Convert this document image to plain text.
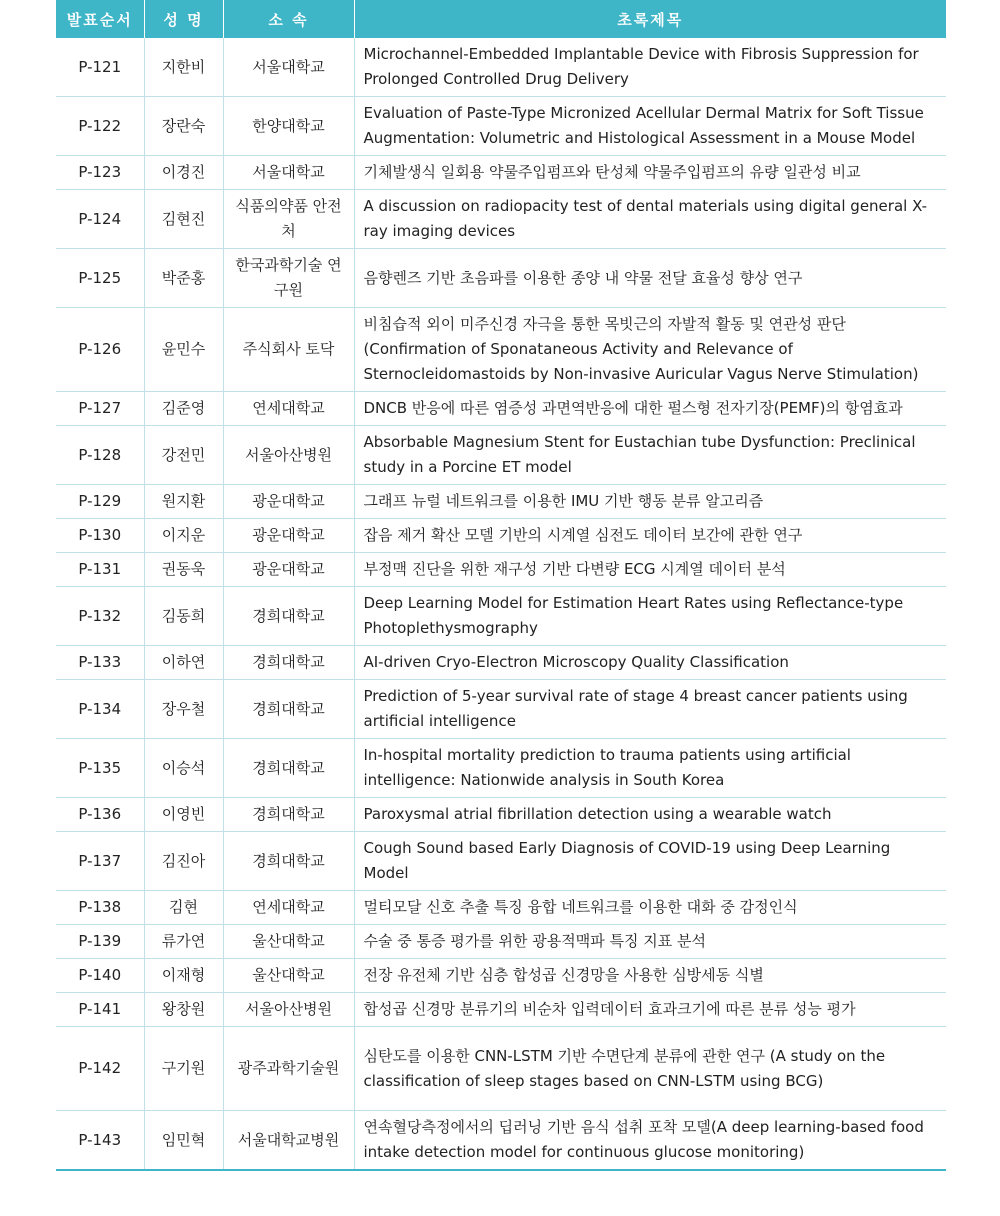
발표순서	성 명	소 속	초록제목
P-121	지한비	서울대학교	Microchannel-Embedded Implantable Device with Fibrosis Suppression for Prolonged Controlled Drug Delivery
P-122	장란숙	한양대학교	Evaluation of Paste-Type Micronized Acellular Dermal Matrix for Soft Tissue Augmentation: Volumetric and Histological Assessment in a Mouse Model
P-123	이경진	서울대학교	기체발생식 일회용 약물주입펌프와 탄성체 약물주입펌프의 유량 일관성 비교
P-124	김현진	식품의약품 안전처	A discussion on radiopacity test of dental materials using digital general X-ray imaging devices
P-125	박준홍	한국과학기술 연구원	음향렌즈 기반 초음파를 이용한 종양 내 약물 전달 효율성 향상 연구
P-126	윤민수	주식회사 토닥	비침습적 외이 미주신경 자극을 통한 목빗근의 자발적 활동 및 연관성 판단 (Confirmation of Sponataneous Activity and Relevance of Sternocleidomastoids by Non-invasive Auricular Vagus Nerve Stimulation)
P-127	김준영	연세대학교	DNCB 반응에 따른 염증성 과면역반응에 대한 펄스형 전자기장(PEMF)의 항염효과
P-128	강전민	서울아산병원	Absorbable Magnesium Stent for Eustachian tube Dysfunction: Preclinical study in a Porcine ET model
P-129	원지환	광운대학교	그래프 뉴럴 네트워크를 이용한 IMU 기반 행동 분류 알고리즘
P-130	이지운	광운대학교	잡음 제거 확산 모델 기반의 시계열 심전도 데이터 보간에 관한 연구
P-131	권동욱	광운대학교	부정맥 진단을 위한 재구성 기반 다변량 ECG 시계열 데이터 분석
P-132	김동희	경희대학교	Deep Learning Model for Estimation Heart Rates using Reflectance-type Photoplethysmography
P-133	이하연	경희대학교	AI-driven Cryo-Electron Microscopy Quality Classification
P-134	장우철	경희대학교	Prediction of 5-year survival rate of stage 4 breast cancer patients using artificial intelligence
P-135	이승석	경희대학교	In-hospital mortality prediction to trauma patients using artificial intelligence: Nationwide analysis in South Korea
P-136	이영빈	경희대학교	Paroxysmal atrial fibrillation detection using a wearable watch
P-137	김진아	경희대학교	Cough Sound based Early Diagnosis of COVID-19 using Deep Learning Model
P-138	김현	연세대학교	멀티모달 신호 추출 특징 융합 네트워크를 이용한 대화 중 감정인식
P-139	류가연	울산대학교	수술 중 통증 평가를 위한 광용적맥파 특징 지표 분석
P-140	이재형	울산대학교	전장 유전체 기반 심층 합성곱 신경망을 사용한 심방세동 식별
P-141	왕창원	서울아산병원	합성곱 신경망 분류기의 비순차 입력데이터 효과크기에 따른 분류 성능 평가
P-142	구기원	광주과학기술원	심탄도를 이용한 CNN-LSTM 기반 수면단계 분류에 관한 연구 (A study on the classification of sleep stages based on CNN-LSTM using BCG)
P-143	임민혁	서울대학교병원	연속혈당측정에서의 딥러닝 기반 음식 섭취 포착 모델(A deep learning-based food intake detection model for continuous glucose monitoring)
